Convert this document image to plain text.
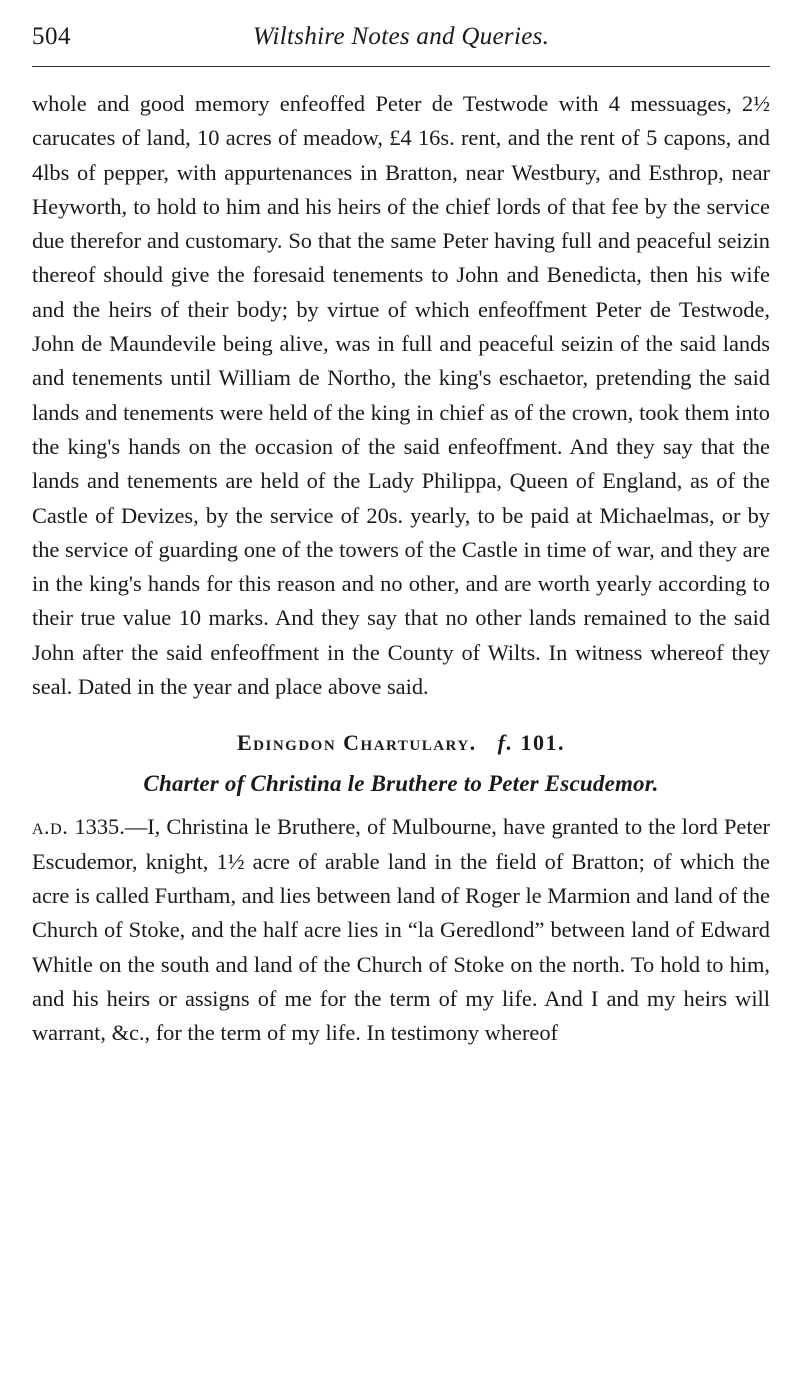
504	Wiltshire Notes and Queries.

whole and good memory enfeoffed Peter de Testwode with 4 messuages, 2½ carucates of land, 10 acres of meadow, £4 16s. rent, and the rent of 5 capons, and 4lbs of pepper, with appurtenances in Bratton, near Westbury, and Esthrop, near Heyworth, to hold to him and his heirs of the chief lords of that fee by the service due therefor and customary. So that the same Peter having full and peaceful seizin thereof should give the foresaid tenements to John and Benedicta, then his wife and the heirs of their body; by virtue of which enfeoffment Peter de Testwode, John de Maundevile being alive, was in full and peaceful seizin of the said lands and tenements until William de Northo, the king's eschaetor, pretending the said lands and tenements were held of the king in chief as of the crown, took them into the king's hands on the occasion of the said enfeoffment. And they say that the lands and tenements are held of the Lady Philippa, Queen of England, as of the Castle of Devizes, by the service of 20s. yearly, to be paid at Michaelmas, or by the service of guarding one of the towers of the Castle in time of war, and they are in the king's hands for this reason and no other, and are worth yearly according to their true value 10 marks. And they say that no other lands remained to the said John after the said enfeoffment in the County of Wilts. In witness whereof they seal. Dated in the year and place above said.

Edingdon Chartulary. f. 101.
Charter of Christina le Bruthere to Peter Escudemor.

a.d. 1335.—I, Christina le Bruthere, of Mulbourne, have granted to the lord Peter Escudemor, knight, 1½ acre of arable land in the field of Bratton; of which the acre is called Furtham, and lies between land of Roger le Marmion and land of the Church of Stoke, and the half acre lies in “la Geredlond” between land of Edward Whitle on the south and land of the Church of Stoke on the north. To hold to him, and his heirs or assigns of me for the term of my life. And I and my heirs will warrant, &c., for the term of my life. In testimony whereof
